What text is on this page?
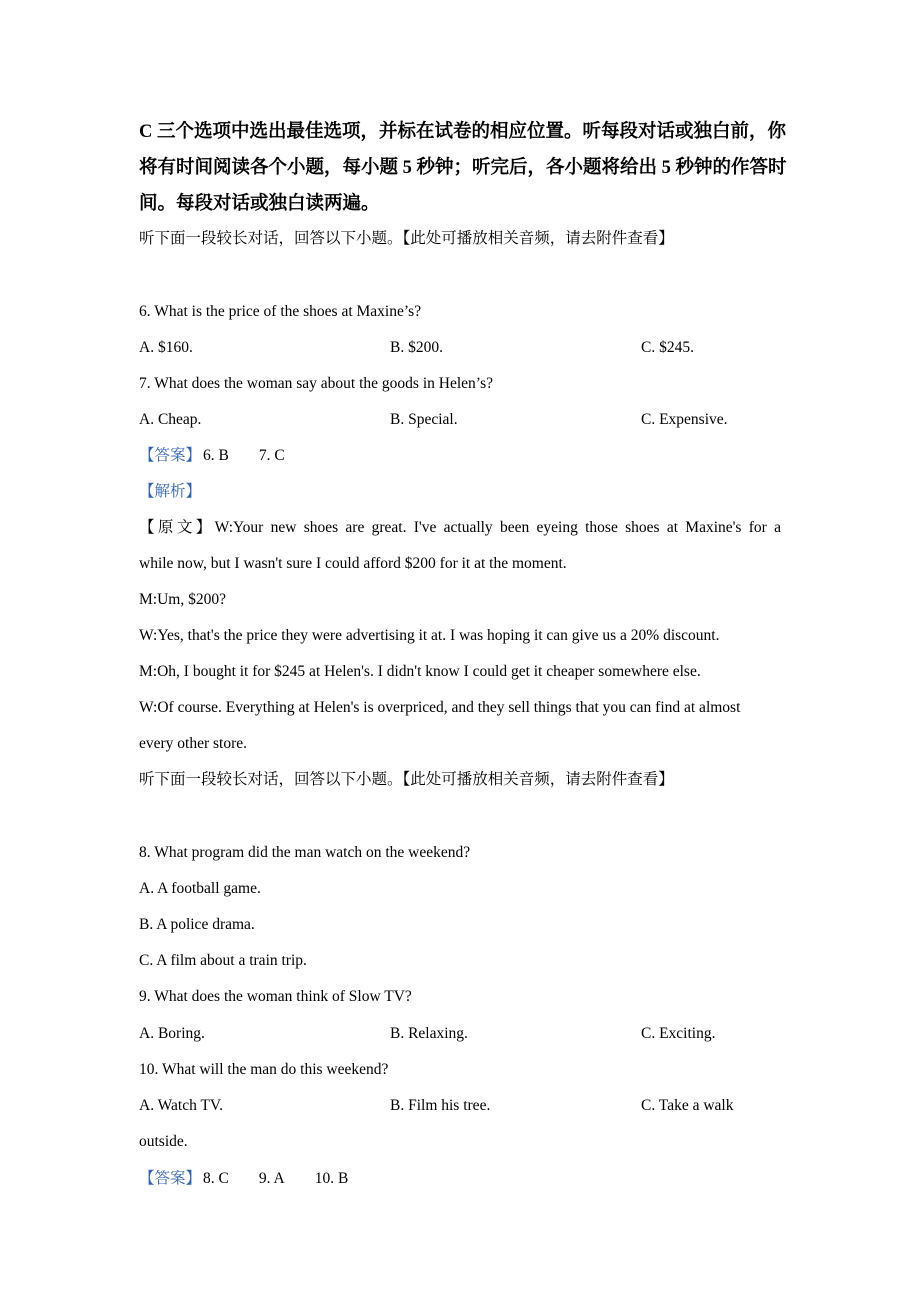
C 三个选项中选出最佳选项，并标在试卷的相应位置。听每段对话或独白前，你将有时间阅读各个小题，每小题 5 秒钟；听完后，各小题将给出 5 秒钟的作答时间。每段对话或独白读两遍。
听下面一段较长对话，回答以下小题。【此处可播放相关音频，请去附件查看】
6. What is the price of the shoes at Maxine’s?
A. $160.	B. $200.	C. $245.
7. What does the woman say about the goods in Helen’s?
A. Cheap.	B. Special.	C. Expensive.
【答案】 6. B 7. C
【解析】
【原文】W:Your new shoes are great. I've actually been eyeing those shoes at Maxine's for a
while now, but I wasn't sure I could afford $200 for it at the moment.
M:Um, $200?
W:Yes, that's the price they were advertising it at. I was hoping it can give us a 20% discount.
M:Oh, I bought it for $245 at Helen's. I didn't know I could get it cheaper somewhere else.
W:Of course. Everything at Helen's is overpriced, and they sell things that you can find at almost
every other store.
听下面一段较长对话，回答以下小题。【此处可播放相关音频，请去附件查看】
8. What program did the man watch on the weekend?
A. A football game.
B. A police drama.
C. A film about a train trip.
9. What does the woman think of Slow TV?
A. Boring.	B. Relaxing.	C. Exciting.
10. What will the man do this weekend?
A. Watch TV.	B. Film his tree.	C. Take a walk
outside.
【答案】 8. C 9. A 10. B
